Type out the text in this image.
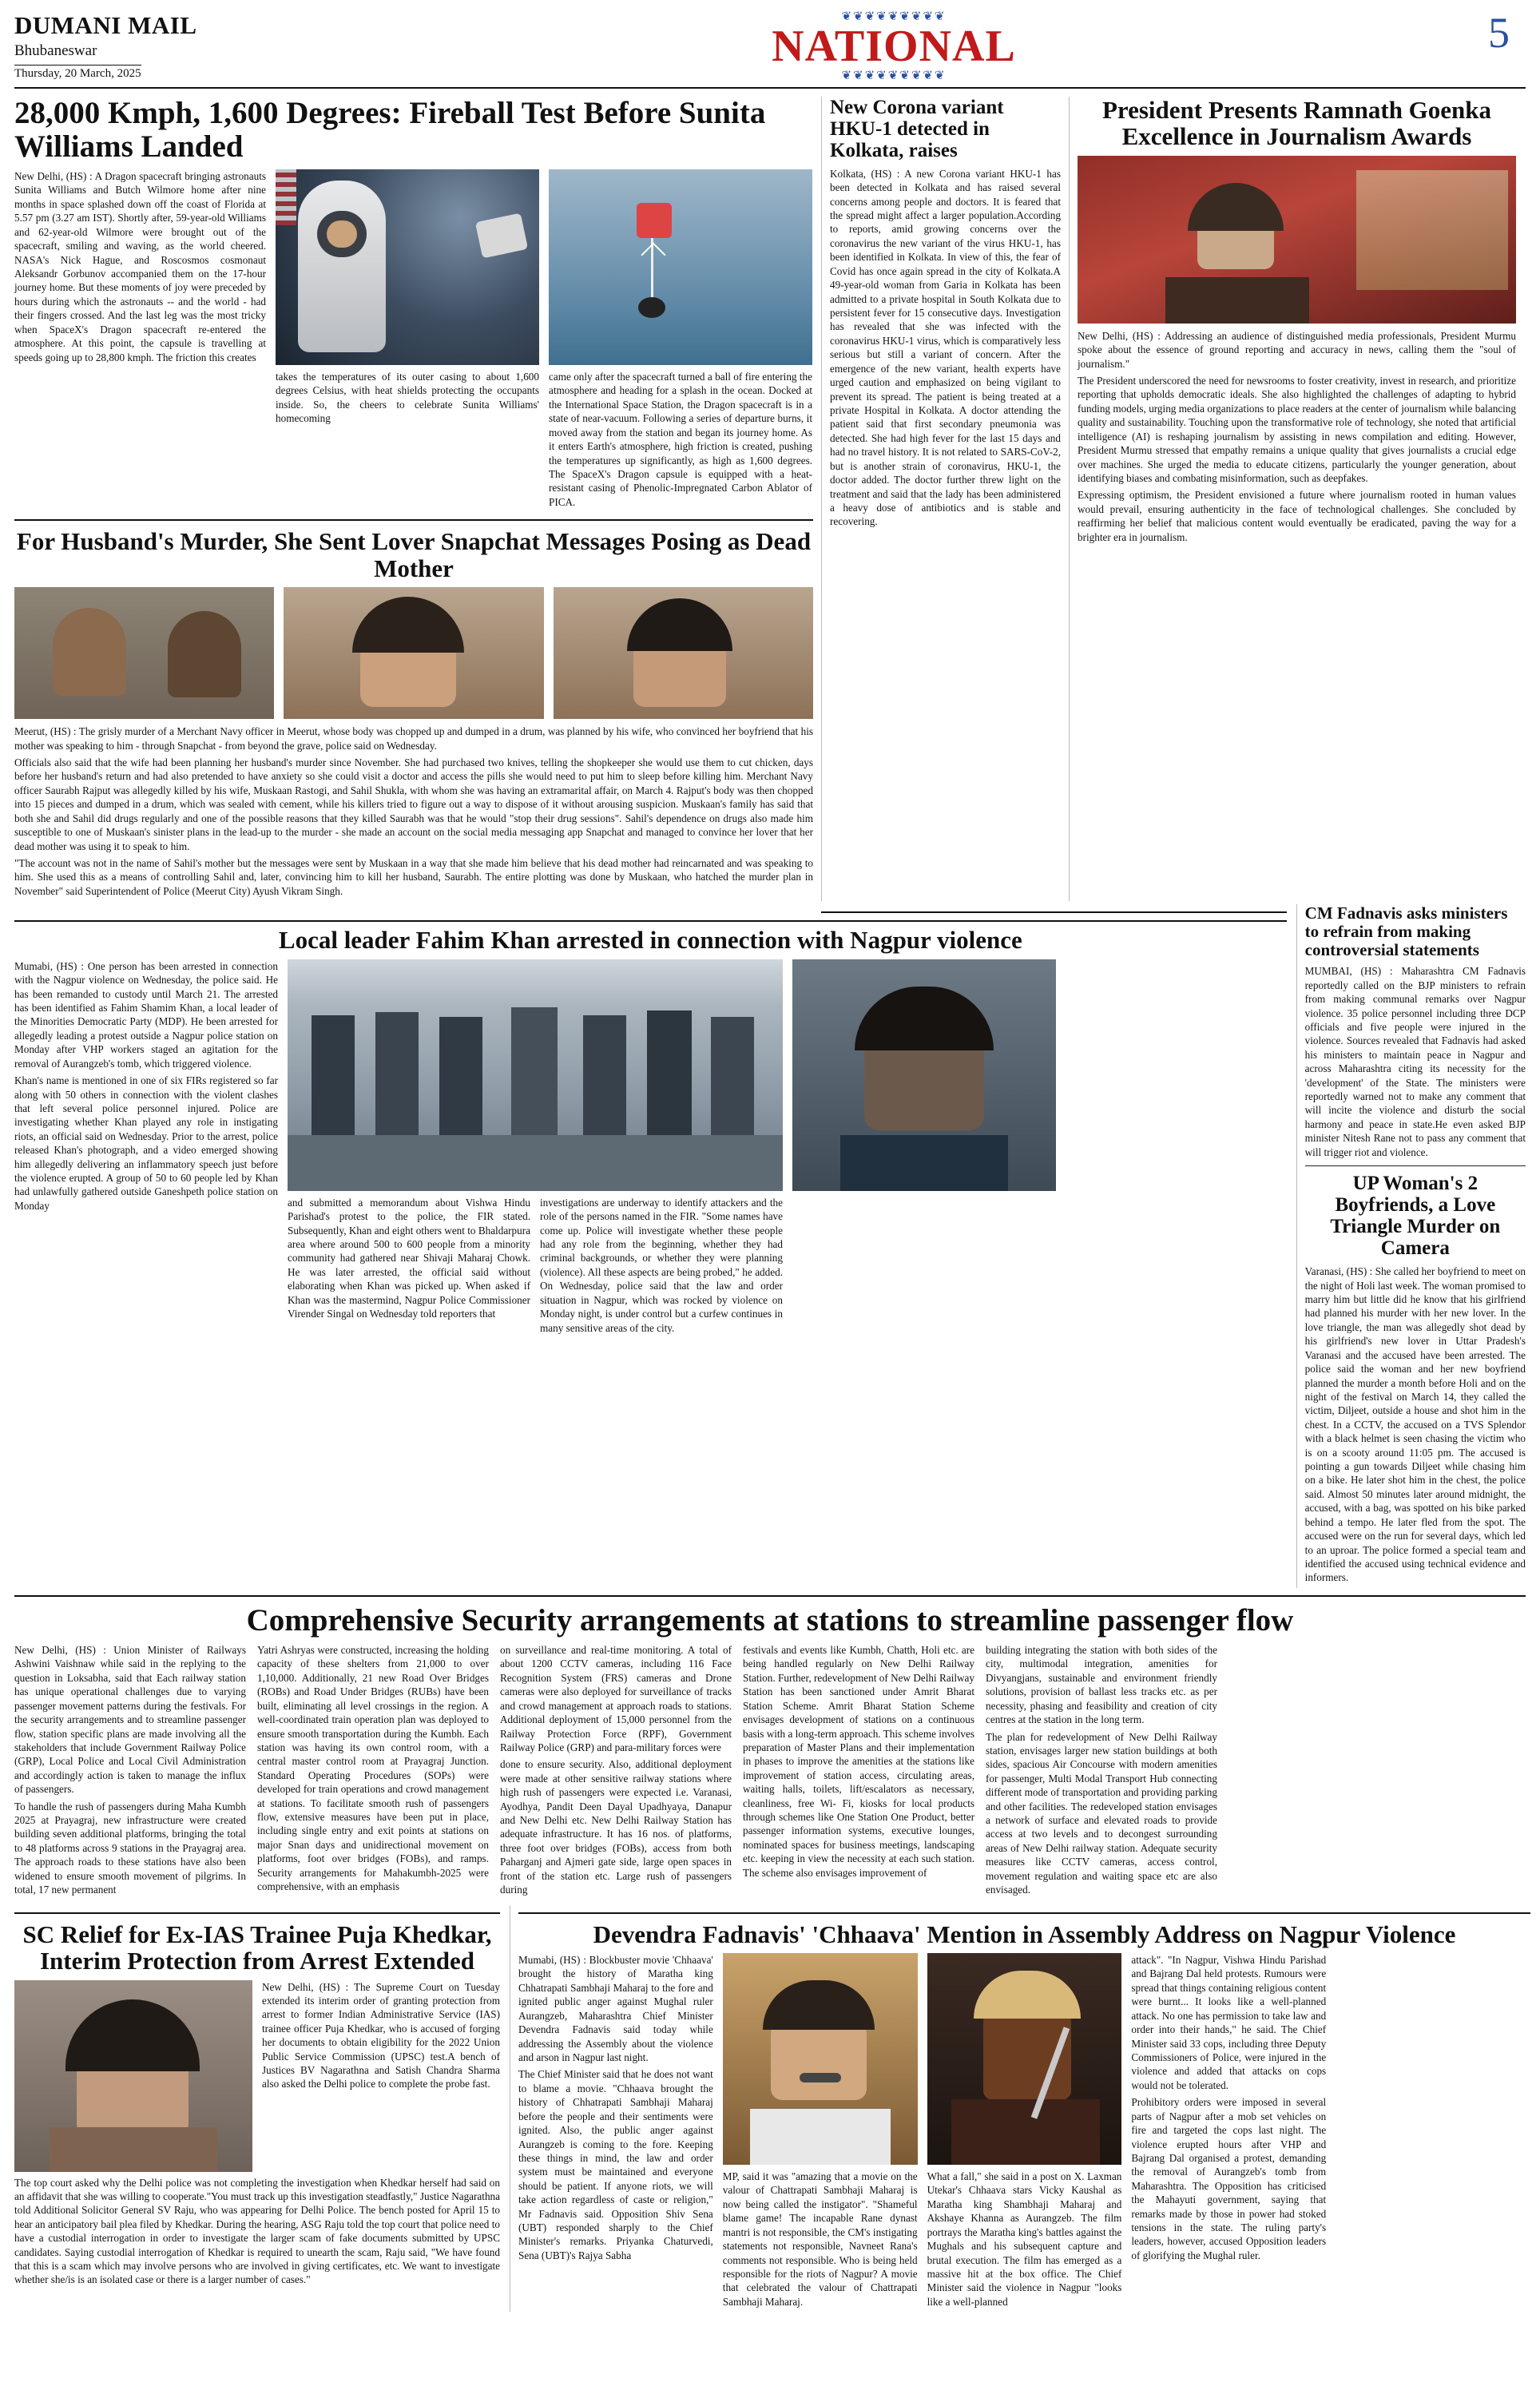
DUMANI MAIL
Bhubaneswar
Thursday, 20 March, 2025
❦❦❦❦❦❦❦❦❦
NATIONAL
❦❦❦❦❦❦❦❦❦
5
28,000 Kmph, 1,600 Degrees: Fireball Test Before Sunita Williams Landed

New Delhi, (HS) : A Dragon spacecraft bringing astronauts Sunita Williams and Butch Wilmore home after nine months in space splashed down off the coast of Florida at 5.57 pm (3.27 am IST). Shortly after, 59-year-old Williams and 62-year-old Wilmore were brought out of the spacecraft, smiling and waving, as the world cheered. NASA's Nick Hague, and Roscosmos cosmonaut Aleksandr Gorbunov accompanied them on the 17-hour journey home. But these moments of joy were preceded by hours during which the astronauts -- and the world - had their fingers crossed. And the last leg was the most tricky when SpaceX's Dragon spacecraft re-entered the atmosphere. At this point, the capsule is travelling at speeds going up to 28,800 kmph. The friction this creates

takes the temperatures of its outer casing to about 1,600 degrees Celsius, with heat shields protecting the occupants inside. So, the cheers to celebrate Sunita Williams' homecoming

came only after the spacecraft turned a ball of fire entering the atmosphere and heading for a splash in the ocean. Docked at the International Space Station, the Dragon spacecraft is in a state of near-vacuum. Following a series of departure burns, it moved away from the station and began its journey home. As it enters Earth's atmosphere, high friction is created, pushing the temperatures up significantly, as high as 1,600 degrees. The SpaceX's Dragon capsule is equipped with a heat-resistant casing of Phenolic-Impregnated Carbon Ablator of PICA.

For Husband's Murder, She Sent Lover Snapchat Messages Posing as Dead Mother

Meerut, (HS) : The grisly murder of a Merchant Navy officer in Meerut, whose body was chopped up and dumped in a drum, was planned by his wife, who convinced her boyfriend that his mother was speaking to him - through Snapchat - from beyond the grave, police said on Wednesday.

Officials also said that the wife had been planning her husband's murder since November. She had purchased two knives, telling the shopkeeper she would use them to cut chicken, days before her husband's return and had also pretended to have anxiety so she could visit a doctor and access the pills she would need to put him to sleep before killing him. Merchant Navy officer Saurabh Rajput was allegedly killed by his wife, Muskaan Rastogi, and Sahil Shukla, with whom she was having an extramarital affair, on March 4. Rajput's body was then chopped into 15 pieces and dumped in a drum, which was sealed with cement, while his killers tried to figure out a way to dispose of it without arousing suspicion. Muskaan's family has said that both she and Sahil did drugs regularly and one of the possible reasons that they killed Saurabh was that he would "stop their drug sessions". Sahil's dependence on drugs also made him susceptible to one of Muskaan's sinister plans in the lead-up to the murder - she made an account on the social media messaging app Snapchat and managed to convince her lover that her dead mother was using it to speak to him.

"The account was not in the name of Sahil's mother but the messages were sent by Muskaan in a way that she made him believe that his dead mother had reincarnated and was speaking to him. She used this as a means of controlling Sahil and, later, convincing him to kill her husband, Saurabh. The entire plotting was done by Muskaan, who hatched the murder plan in November" said Superintendent of Police (Meerut City) Ayush Vikram Singh.

New Corona variant HKU-1 detected in Kolkata, raises

Kolkata, (HS) : A new Corona variant HKU-1 has been detected in Kolkata and has raised several concerns among people and doctors. It is feared that the spread might affect a larger population.According to reports, amid growing concerns over the coronavirus the new variant of the virus HKU-1, has been identified in Kolkata. In view of this, the fear of Covid has once again spread in the city of Kolkata.A 49-year-old woman from Garia in Kolkata has been admitted to a private hospital in South Kolkata due to persistent fever for 15 consecutive days. Investigation has revealed that she was infected with the coronavirus HKU-1 virus, which is comparatively less serious but still a variant of concern. After the emergence of the new variant, health experts have urged caution and emphasized on being vigilant to prevent its spread. The patient is being treated at a private Hospital in Kolkata. A doctor attending the patient said that first secondary pneumonia was detected. She had high fever for the last 15 days and had no travel history. It is not related to SARS-CoV-2, but is another strain of coronavirus, HKU-1, the doctor added. The doctor further threw light on the treatment and said that the lady has been administered a heavy dose of antibiotics and is stable and recovering.

President Presents Ramnath Goenka Excellence in Journalism Awards

New Delhi, (HS) : Addressing an audience of distinguished media professionals, President Murmu spoke about the essence of ground reporting and accuracy in news, calling them the "soul of journalism."

The President underscored the need for newsrooms to foster creativity, invest in research, and prioritize reporting that upholds democratic ideals. She also highlighted the challenges of adapting to hybrid funding models, urging media organizations to place readers at the center of journalism while balancing quality and sustainability. Touching upon the transformative role of technology, she noted that artificial intelligence (AI) is reshaping journalism by assisting in news compilation and editing. However, President Murmu stressed that empathy remains a unique quality that gives journalists a crucial edge over machines. She urged the media to educate citizens, particularly the younger generation, about identifying biases and combating misinformation, such as deepfakes.

Expressing optimism, the President envisioned a future where journalism rooted in human values would prevail, ensuring authenticity in the face of technological challenges. She concluded by reaffirming her belief that malicious content would eventually be eradicated, paving the way for a brighter era in journalism.

Local leader Fahim Khan arrested in connection with Nagpur violence

Mumabi, (HS) : One person has been arrested in connection with the Nagpur violence on Wednesday, the police said. He has been remanded to custody until March 21. The arrested has been identified as Fahim Shamim Khan, a local leader of the Minorities Democratic Party (MDP). He been arrested for allegedly leading a protest outside a Nagpur police station on Monday after VHP workers staged an agitation for the removal of Aurangzeb's tomb, which triggered violence.

Khan's name is mentioned in one of six FIRs registered so far along with 50 others in connection with the violent clashes that left several police personnel injured. Police are investigating whether Khan played any role in instigating riots, an official said on Wednesday. Prior to the arrest, police released Khan's photograph, and a video emerged showing him allegedly delivering an inflammatory speech just before the violence erupted. A group of 50 to 60 people led by Khan had unlawfully gathered outside Ganeshpeth police station on Monday	and submitted a memorandum about Vishwa Hindu Parishad's protest to the police, the FIR stated. Subsequently, Khan and eight others went to Bhaldarpura area where around 500 to 600 people from a minority community had gathered near Shivaji Maharaj Chowk. He was later arrested, the official said without elaborating when Khan was picked up. When asked if Khan was the mastermind, Nagpur Police Commissioner Virender Singal on Wednesday told reporters that

investigations are underway to identify attackers and the role of the persons named in the FIR. "Some names have come up. Police will investigate whether these people had any role from the beginning, whether they had criminal backgrounds, or whether they were planning (violence). All these aspects are being probed," he added. On Wednesday, police said that the law and order situation in Nagpur, which was rocked by violence on Monday night, is under control but a curfew continues in many sensitive areas of the city.

CM Fadnavis asks ministers to refrain from making controversial statements

MUMBAI, (HS) : Maharashtra CM Fadnavis reportedly called on the BJP ministers to refrain from making communal remarks over Nagpur violence. 35 police personnel including three DCP officials and five people were injured in the violence. Sources revealed that Fadnavis had asked his ministers to maintain peace in Nagpur and across Maharashtra citing its necessity for the 'development' of the State. The ministers were reportedly warned not to make any comment that will incite the violence and disturb the social harmony and peace in state.He even asked BJP minister Nitesh Rane not to pass any comment that will trigger riot and violence.

UP Woman's 2 Boyfriends, a Love Triangle Murder on Camera

Varanasi, (HS) : She called her boyfriend to meet on the night of Holi last week. The woman promised to marry him but little did he know that his girlfriend had planned his murder with her new lover. In the love triangle, the man was allegedly shot dead by his girlfriend's new lover in Uttar Pradesh's Varanasi and the accused have been arrested. The police said the woman and her new boyfriend planned the murder a month before Holi and on the night of the festival on March 14, they called the victim, Diljeet, outside a house and shot him in the chest. In a CCTV, the accused on a TVS Splendor with a black helmet is seen chasing the victim who is on a scooty around 11:05 pm. The accused is pointing a gun towards Diljeet while chasing him on a bike. He later shot him in the chest, the police said. Almost 50 minutes later around midnight, the accused, with a bag, was spotted on his bike parked behind a tempo. He later fled from the spot. The accused were on the run for several days, which led to an uproar. The police formed a special team and identified the accused using technical evidence and informers.

Comprehensive Security arrangements at stations to streamline passenger flow

New Delhi, (HS) : Union Minister of Railways Ashwini Vaishnaw while said in the replying to the question in Loksabha, said that Each railway station has unique operational challenges due to varying passenger movement patterns during the festivals. For the security arrangements and to streamline passenger flow, station specific plans are made involving all the stakeholders that include Government Railway Police (GRP), Local Police and Local Civil Administration and accordingly action is taken to manage the influx of passengers.

To handle the rush of passengers during Maha Kumbh 2025 at Prayagraj, new infrastructure were created building seven additional platforms, bringing the total to 48 platforms across 9 stations in the Prayagraj area. The approach roads to these stations have also been widened to ensure smooth movement of pilgrims. In total, 17 new permanent

Yatri Ashryas were constructed, increasing the holding capacity of these shelters from 21,000 to over 1,10,000. Additionally, 21 new Road Over Bridges (ROBs) and Road Under Bridges (RUBs) have been built, eliminating all level crossings in the region. A well-coordinated train operation plan was deployed to ensure smooth transportation during the Kumbh. Each station was having its own control room, with a central master control room at Prayagraj Junction. Standard Operating Procedures (SOPs) were developed for train operations and crowd management at stations. To facilitate smooth rush of passengers flow, extensive measures have been put in place, including single entry and exit points at stations on major Snan days and unidirectional movement on platforms, foot over bridges (FOBs), and ramps. Security arrangements for Mahakumbh-2025 were comprehensive, with an emphasis

on surveillance and real-time monitoring. A total of about 1200 CCTV cameras, including 116 Face Recognition System (FRS) cameras and Drone cameras were also deployed for surveillance of tracks and crowd management at approach roads to stations. Additional deployment of 15,000 personnel from the Railway Protection Force (RPF), Government Railway Police (GRP) and para-military forces were

done to ensure security. Also, additional deployment were made at other sensitive railway stations where high rush of passengers were expected i.e. Varanasi, Ayodhya, Pandit Deen Dayal Upadhyaya, Danapur and New Delhi etc. New Delhi Railway Station has adequate infrastructure. It has 16 nos. of platforms, three foot over bridges (FOBs), access from both Paharganj and Ajmeri gate side, large open spaces in front of the station etc. Large rush of passengers during

festivals and events like Kumbh, Chatth, Holi etc. are being handled regularly on New Delhi Railway Station. Further, redevelopment of New Delhi Railway Station has been sanctioned under Amrit Bharat Station Scheme. Amrit Bharat Station Scheme envisages development of stations on a continuous basis with a long-term approach. This scheme involves preparation of Master Plans and their implementation in phases to improve the amenities at the stations like improvement of station access, circulating areas, waiting halls, toilets, lift/escalators as necessary, cleanliness, free Wi- Fi, kiosks for local products through schemes like One Station One Product, better passenger information systems, executive lounges, nominated spaces for business meetings, landscaping etc. keeping in view the necessity at each such station. The scheme also envisages improvement of

building integrating the station with both sides of the city, multimodal integration, amenities for Divyangjans, sustainable and environment friendly solutions, provision of ballast less tracks etc. as per necessity, phasing and feasibility and creation of city centres at the station in the long term.

The plan for redevelopment of New Delhi Railway station, envisages larger new station buildings at both sides, spacious Air Concourse with modern amenities for passenger, Multi Modal Transport Hub connecting different mode of transportation and providing parking and other facilities. The redeveloped station envisages a network of surface and elevated roads to provide access at two levels and to decongest surrounding areas of New Delhi railway station. Adequate security measures like CCTV cameras, access control, movement regulation and waiting space etc are also envisaged.

SC Relief for Ex-IAS Trainee Puja Khedkar, Interim Protection from Arrest Extended

New Delhi, (HS) : The Supreme Court on Tuesday extended its interim order of granting protection from arrest to former Indian Administrative Service (IAS) trainee officer Puja Khedkar, who is accused of forging her documents to obtain eligibility for the 2022 Union Public Service Commission (UPSC) test.A bench of Justices BV Nagarathna and Satish Chandra Sharma also asked the Delhi police to complete the probe fast.

The top court asked why the Delhi police was not completing the investigation when Khedkar herself had said on an affidavit that she was willing to cooperate."You must track up this investigation steadfastly," Justice Nagarathna told Additional Solicitor General SV Raju, who was appearing for Delhi Police. The bench posted for April 15 to hear an anticipatory bail plea filed by Khedkar. During the hearing, ASG Raju told the top court that police need to have a custodial interrogation in order to investigate the larger scam of fake documents submitted by UPSC candidates. Saying custodial interrogation of Khedkar is required to unearth the scam, Raju said, "We have found that this is a scam which may involve persons who are involved in giving certificates, etc. We want to investigate whether she/is is an isolated case or there is a larger number of cases."

Devendra Fadnavis' 'Chhaava' Mention in Assembly Address on Nagpur Violence

Mumabi, (HS) : Blockbuster movie 'Chhaava' brought the history of Maratha king Chhatrapati Sambhaji Maharaj to the fore and ignited public anger against Mughal ruler Aurangzeb, Maharashtra Chief Minister Devendra Fadnavis said today while addressing the Assembly about the violence and arson in Nagpur last night.

The Chief Minister said that he does not want to blame a movie. "Chhaava brought the history of Chhatrapati Sambhaji Maharaj before the people and their sentiments were ignited. Also, the public anger against Aurangzeb is coming to the fore. Keeping these things in mind, the law and order system must be maintained and everyone should be patient. If anyone riots, we will take action regardless of caste or religion," Mr Fadnavis said. Opposition Shiv Sena (UBT) responded sharply to the Chief Minister's remarks. Priyanka Chaturvedi, Sena (UBT)'s Rajya Sabha

MP, said it was "amazing that a movie on the valour of Chattrapati Sambhaji Maharaj is now being called the instigator". "Shameful blame game! The incapable Rane dynast mantri is not responsible, the CM's instigating statements not responsible, Navneet Rana's comments not responsible. Who is being held responsible for the riots of Nagpur? A movie that celebrated the valour of Chattrapati Sambhaji Maharaj.

What a fall," she said in a post on X. Laxman Utekar's Chhaava stars Vicky Kaushal as Maratha king Shambhaji Maharaj and Akshaye Khanna as Aurangzeb. The film portrays the Maratha king's battles against the Mughals and his subsequent capture and brutal execution. The film has emerged as a massive hit at the box office. The Chief Minister said the violence in Nagpur "looks like a well-planned

attack". "In Nagpur, Vishwa Hindu Parishad and Bajrang Dal held protests. Rumours were spread that things containing religious content were burnt... It looks like a well-planned attack. No one has permission to take law and order into their hands," he said. The Chief Minister said 33 cops, including three Deputy Commissioners of Police, were injured in the violence and added that attacks on cops would not be tolerated.

Prohibitory orders were imposed in several parts of Nagpur after a mob set vehicles on fire and targeted the cops last night. The violence erupted hours after VHP and Bajrang Dal organised a protest, demanding the removal of Aurangzeb's tomb from Maharashtra. The Opposition has criticised the Mahayuti government, saying that remarks made by those in power had stoked tensions in the state. The ruling party's leaders, however, accused Opposition leaders of glorifying the Mughal ruler.
